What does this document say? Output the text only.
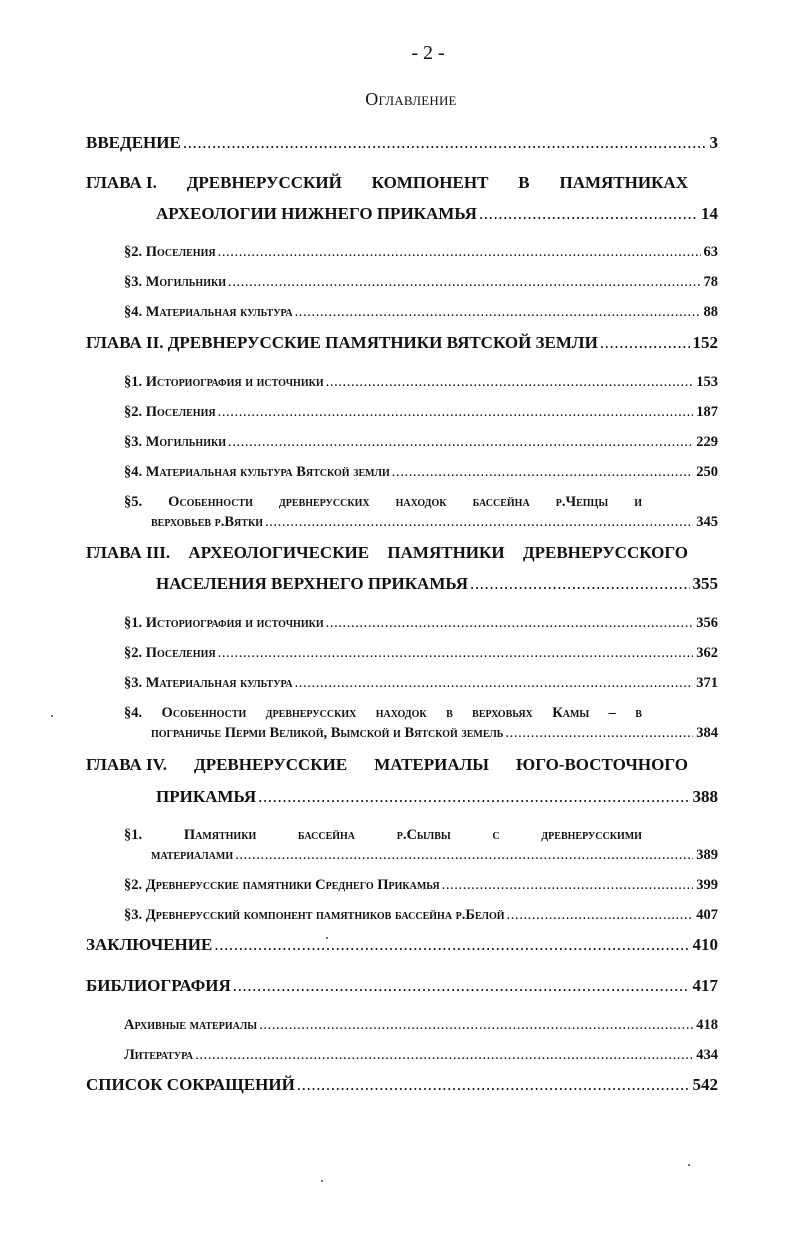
- 2 -
Оглавление
ВВЕДЕНИЕ .....	3
ГЛАВА I. ДРЕВНЕРУССКИЙ КОМПОНЕНТ В ПАМЯТНИКАХ
АРХЕОЛОГИИ НИЖНЕГО ПРИКАМЬЯ .....	14
§2. Поселения .....	63
§3. Могильники .....	78
§4. Материальная культура .....	88
ГЛАВА II. ДРЕВНЕРУССКИЕ ПАМЯТНИКИ ВЯТСКОЙ ЗЕМЛИ .....	152
§1. Историография и источники .....	153
§2. Поселения .....	187
§3. Могильники .....	229
§4. Материальная культура Вятской земли .....	250
§5. Особенности древнерусских находок бассейна р.Чепцы и
верховьев р.Вятки .....	345
ГЛАВА III. АРХЕОЛОГИЧЕСКИЕ ПАМЯТНИКИ ДРЕВНЕРУССКОГО
НАСЕЛЕНИЯ ВЕРХНЕГО ПРИКАМЬЯ .....	355
§1. Историография и источники .....	356
§2. Поселения .....	362
§3. Материальная культура .....	371
§4. Особенности древнерусских находок в верховьях Камы – в
пограничье Перми Великой, Вымской и Вятской земель .....	384
ГЛАВА IV. ДРЕВНЕРУССКИЕ МАТЕРИАЛЫ ЮГО-ВОСТОЧНОГО
ПРИКАМЬЯ .....	388
§1.	Памятники	бассейна	р.Сылвы	с	древнерусскими
материалами .....	389
§2. Древнерусские памятники Среднего Прикамья .....	399
§3. Древнерусский компонент памятников бассейна р.Белой .....	407
ЗАКЛЮЧЕНИЕ .....	410
БИБЛИОГРАФИЯ .....	417
Архивные материалы .....	418
Литература .....	434
СПИСОК СОКРАЩЕНИЙ .....	542
